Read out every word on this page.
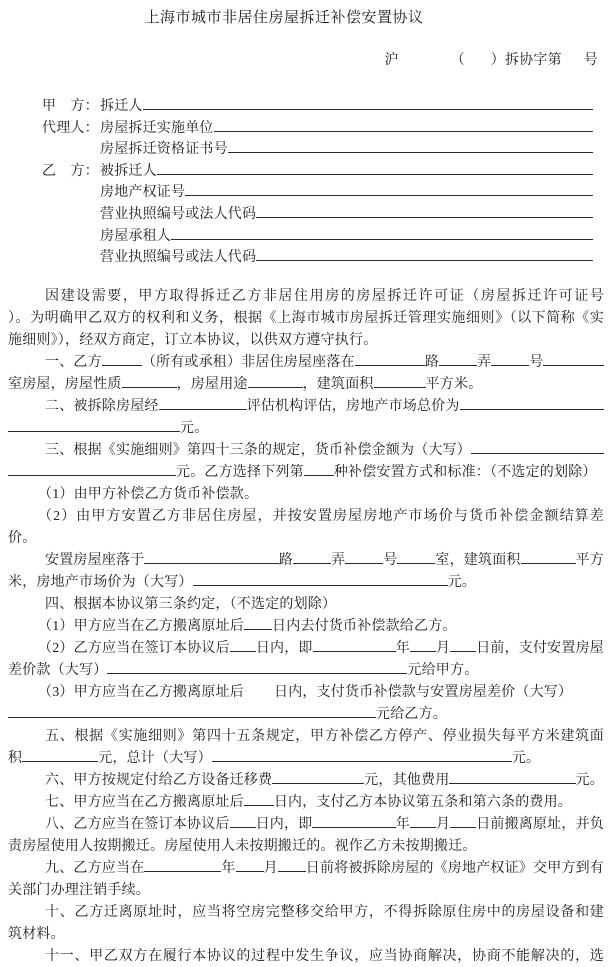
上海市城市非居住房屋拆迁补偿安置协议
沪	（ ）拆协字第 号
甲　方： 拆迁人
代理人： 房屋拆迁实施单位
房屋拆迁资格证书号
乙　方： 被拆迁人
房地产权证号
营业执照编号或法人代码
房屋承租人
营业执照编号或法人代码
因建设需要，甲方取得拆迁乙方非居住用房的房屋拆迁许可证（房屋拆迁许可证号
）。为明确甲乙双方的权利和义务，根据《上海市城市房屋拆迁管理实施细则》（以下简称《实
施细则》），经双方商定，订立本协议，以供双方遵守执行。
一、乙方	（所有或承租）非居住房屋座落在	路	弄	号
室房屋，房屋性质	，房屋用途	，建筑面积	平方米。
二、被拆除房屋经	评估机构评估，房地产市场总价为
元。
三、根据《实施细则》第四十三条的规定，货币补偿金额为（大写）
元。乙方选择下列第 种补偿安置方式和标准：（不选定的划除）
（1）由甲方补偿乙方货币补偿款。
（2）由甲方安置乙方非居住房屋，并按安置房屋房地产市场价与货币补偿金额结算差
价。
安置房屋座落于	路	弄	号	室，建筑面积	平方
米，房地产市场价为（大写）	元。
四、根据本协议第三条约定，（不选定的划除）
（1）甲方应当在乙方搬离原址后 日内去付货币补偿款给乙方。
（2）乙方应当在签订本协议后 日内，即	年 月 日前，支付安置房屋
差价款（大写）	元给甲方。
（3）甲方应当在乙方搬离原址后 日内，支付货币补偿款与安置房屋差价（大写）
元给乙方。
五、根据《实施细则》第四十五条规定，甲方补偿乙方停产、停业损失每平方米建筑面
积	元，总计（大写）	元。
六、甲方按规定付给乙方设备迁移费	元，其他费用	元。
七、甲方应当在乙方搬离原址后 日内，支付乙方本协议第五条和第六条的费用。
八、乙方应当在签订本协议后 日内，即	年 月 日前搬离原址，并负
责房屋使用人按期搬迁。房屋使用人未按期搬迁的。视作乙方未按期搬迁。
九、乙方应当在	年 月 日前将被拆除房屋的《房地产权证》交甲方到有
关部门办理注销手续。
十、乙方迁离原址时，应当将空房完整移交给甲方，不得拆除原住房中的房屋设备和建
筑材料。
十一、甲乙双方在履行本协议的过程中发生争议，应当协商解决，协商不能解决的，选
